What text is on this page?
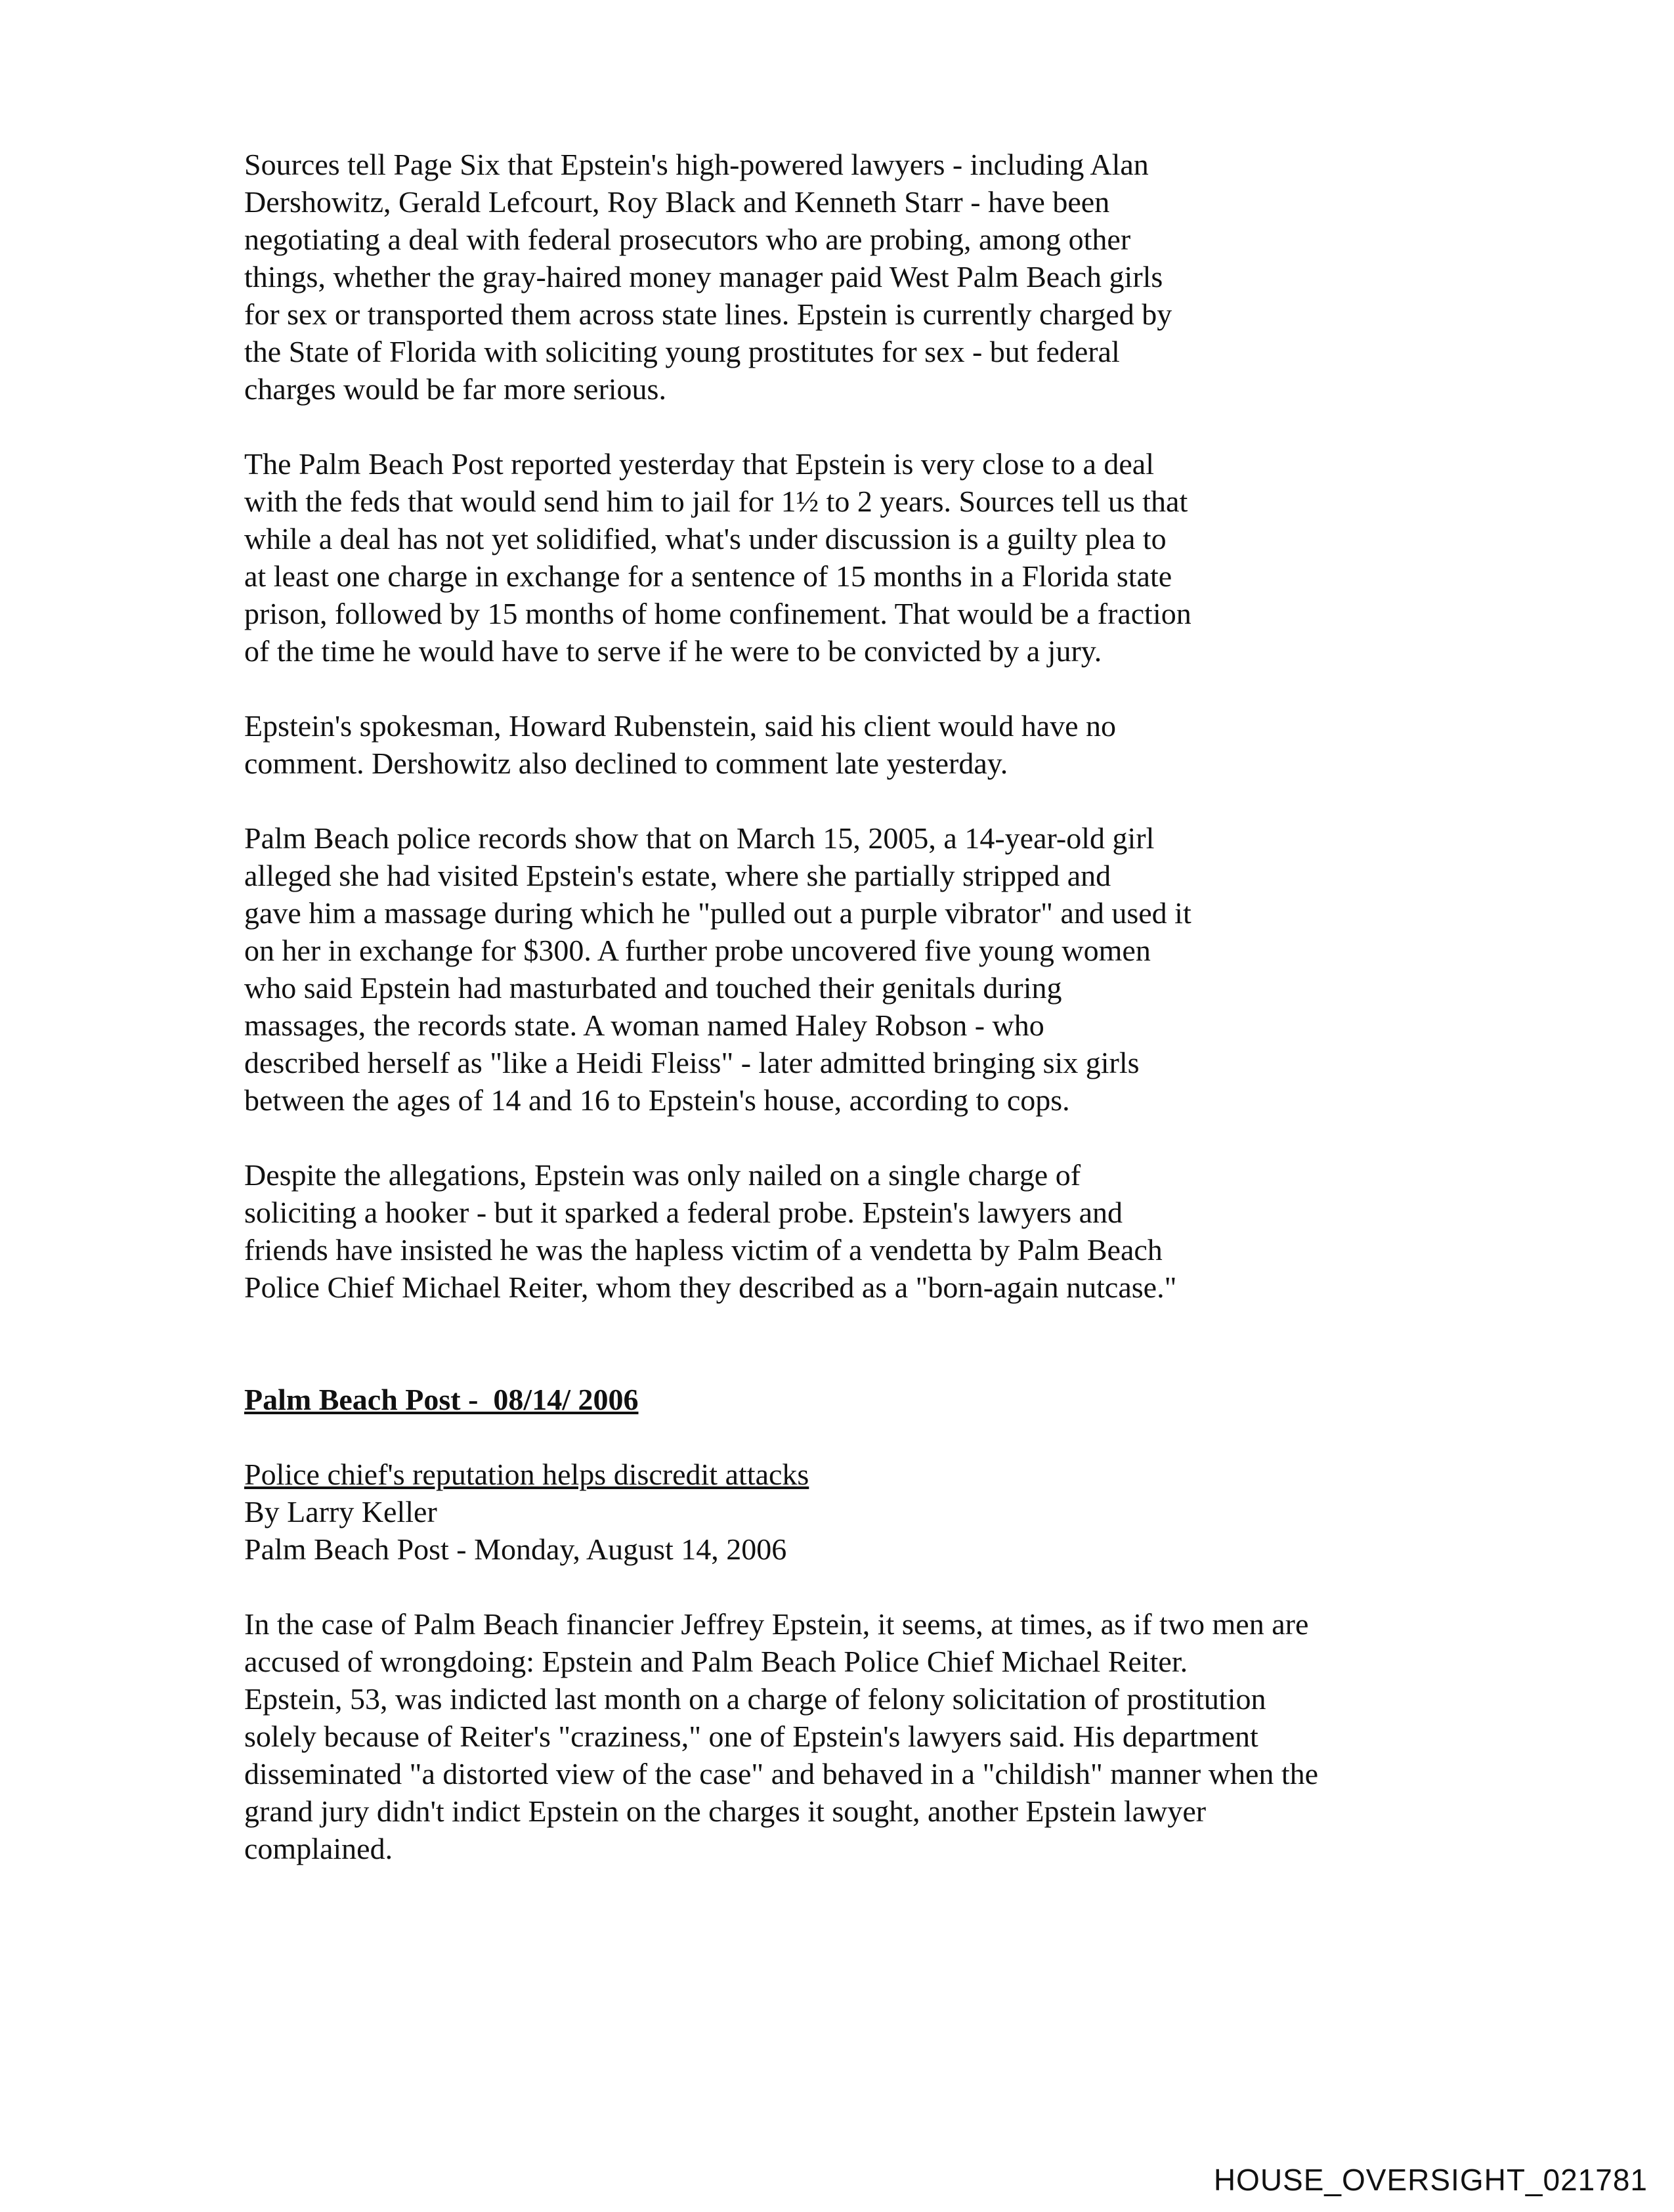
Sources tell Page Six that Epstein's high-powered lawyers - including Alan
Dershowitz, Gerald Lefcourt, Roy Black and Kenneth Starr - have been
negotiating a deal with federal prosecutors who are probing, among other
things, whether the gray-haired money manager paid West Palm Beach girls
for sex or transported them across state lines. Epstein is currently charged by
the State of Florida with soliciting young prostitutes for sex - but federal
charges would be far more serious.
The Palm Beach Post reported yesterday that Epstein is very close to a deal
with the feds that would send him to jail for 1½ to 2 years. Sources tell us that
while a deal has not yet solidified, what's under discussion is a guilty plea to
at least one charge in exchange for a sentence of 15 months in a Florida state
prison, followed by 15 months of home confinement. That would be a fraction
of the time he would have to serve if he were to be convicted by a jury.
Epstein's spokesman, Howard Rubenstein, said his client would have no
comment. Dershowitz also declined to comment late yesterday.
Palm Beach police records show that on March 15, 2005, a 14-year-old girl
alleged she had visited Epstein's estate, where she partially stripped and
gave him a massage during which he "pulled out a purple vibrator" and used it
on her in exchange for $300. A further probe uncovered five young women
who said Epstein had masturbated and touched their genitals during
massages, the records state. A woman named Haley Robson - who
described herself as "like a Heidi Fleiss" - later admitted bringing six girls
between the ages of 14 and 16 to Epstein's house, according to cops.
Despite the allegations, Epstein was only nailed on a single charge of
soliciting a hooker - but it sparked a federal probe. Epstein's lawyers and
friends have insisted he was the hapless victim of a vendetta by Palm Beach
Police Chief Michael Reiter, whom they described as a "born-again nutcase."
Palm Beach Post -  08/14/ 2006
Police chief's reputation helps discredit attacks
By Larry Keller
Palm Beach Post - Monday, August 14, 2006
In the case of Palm Beach financier Jeffrey Epstein, it seems, at times, as if two men are
accused of wrongdoing: Epstein and Palm Beach Police Chief Michael Reiter.
Epstein, 53, was indicted last month on a charge of felony solicitation of prostitution
solely because of Reiter's "craziness," one of Epstein's lawyers said. His department
disseminated "a distorted view of the case" and behaved in a "childish" manner when the
grand jury didn't indict Epstein on the charges it sought, another Epstein lawyer
complained.
HOUSE_OVERSIGHT_021781
